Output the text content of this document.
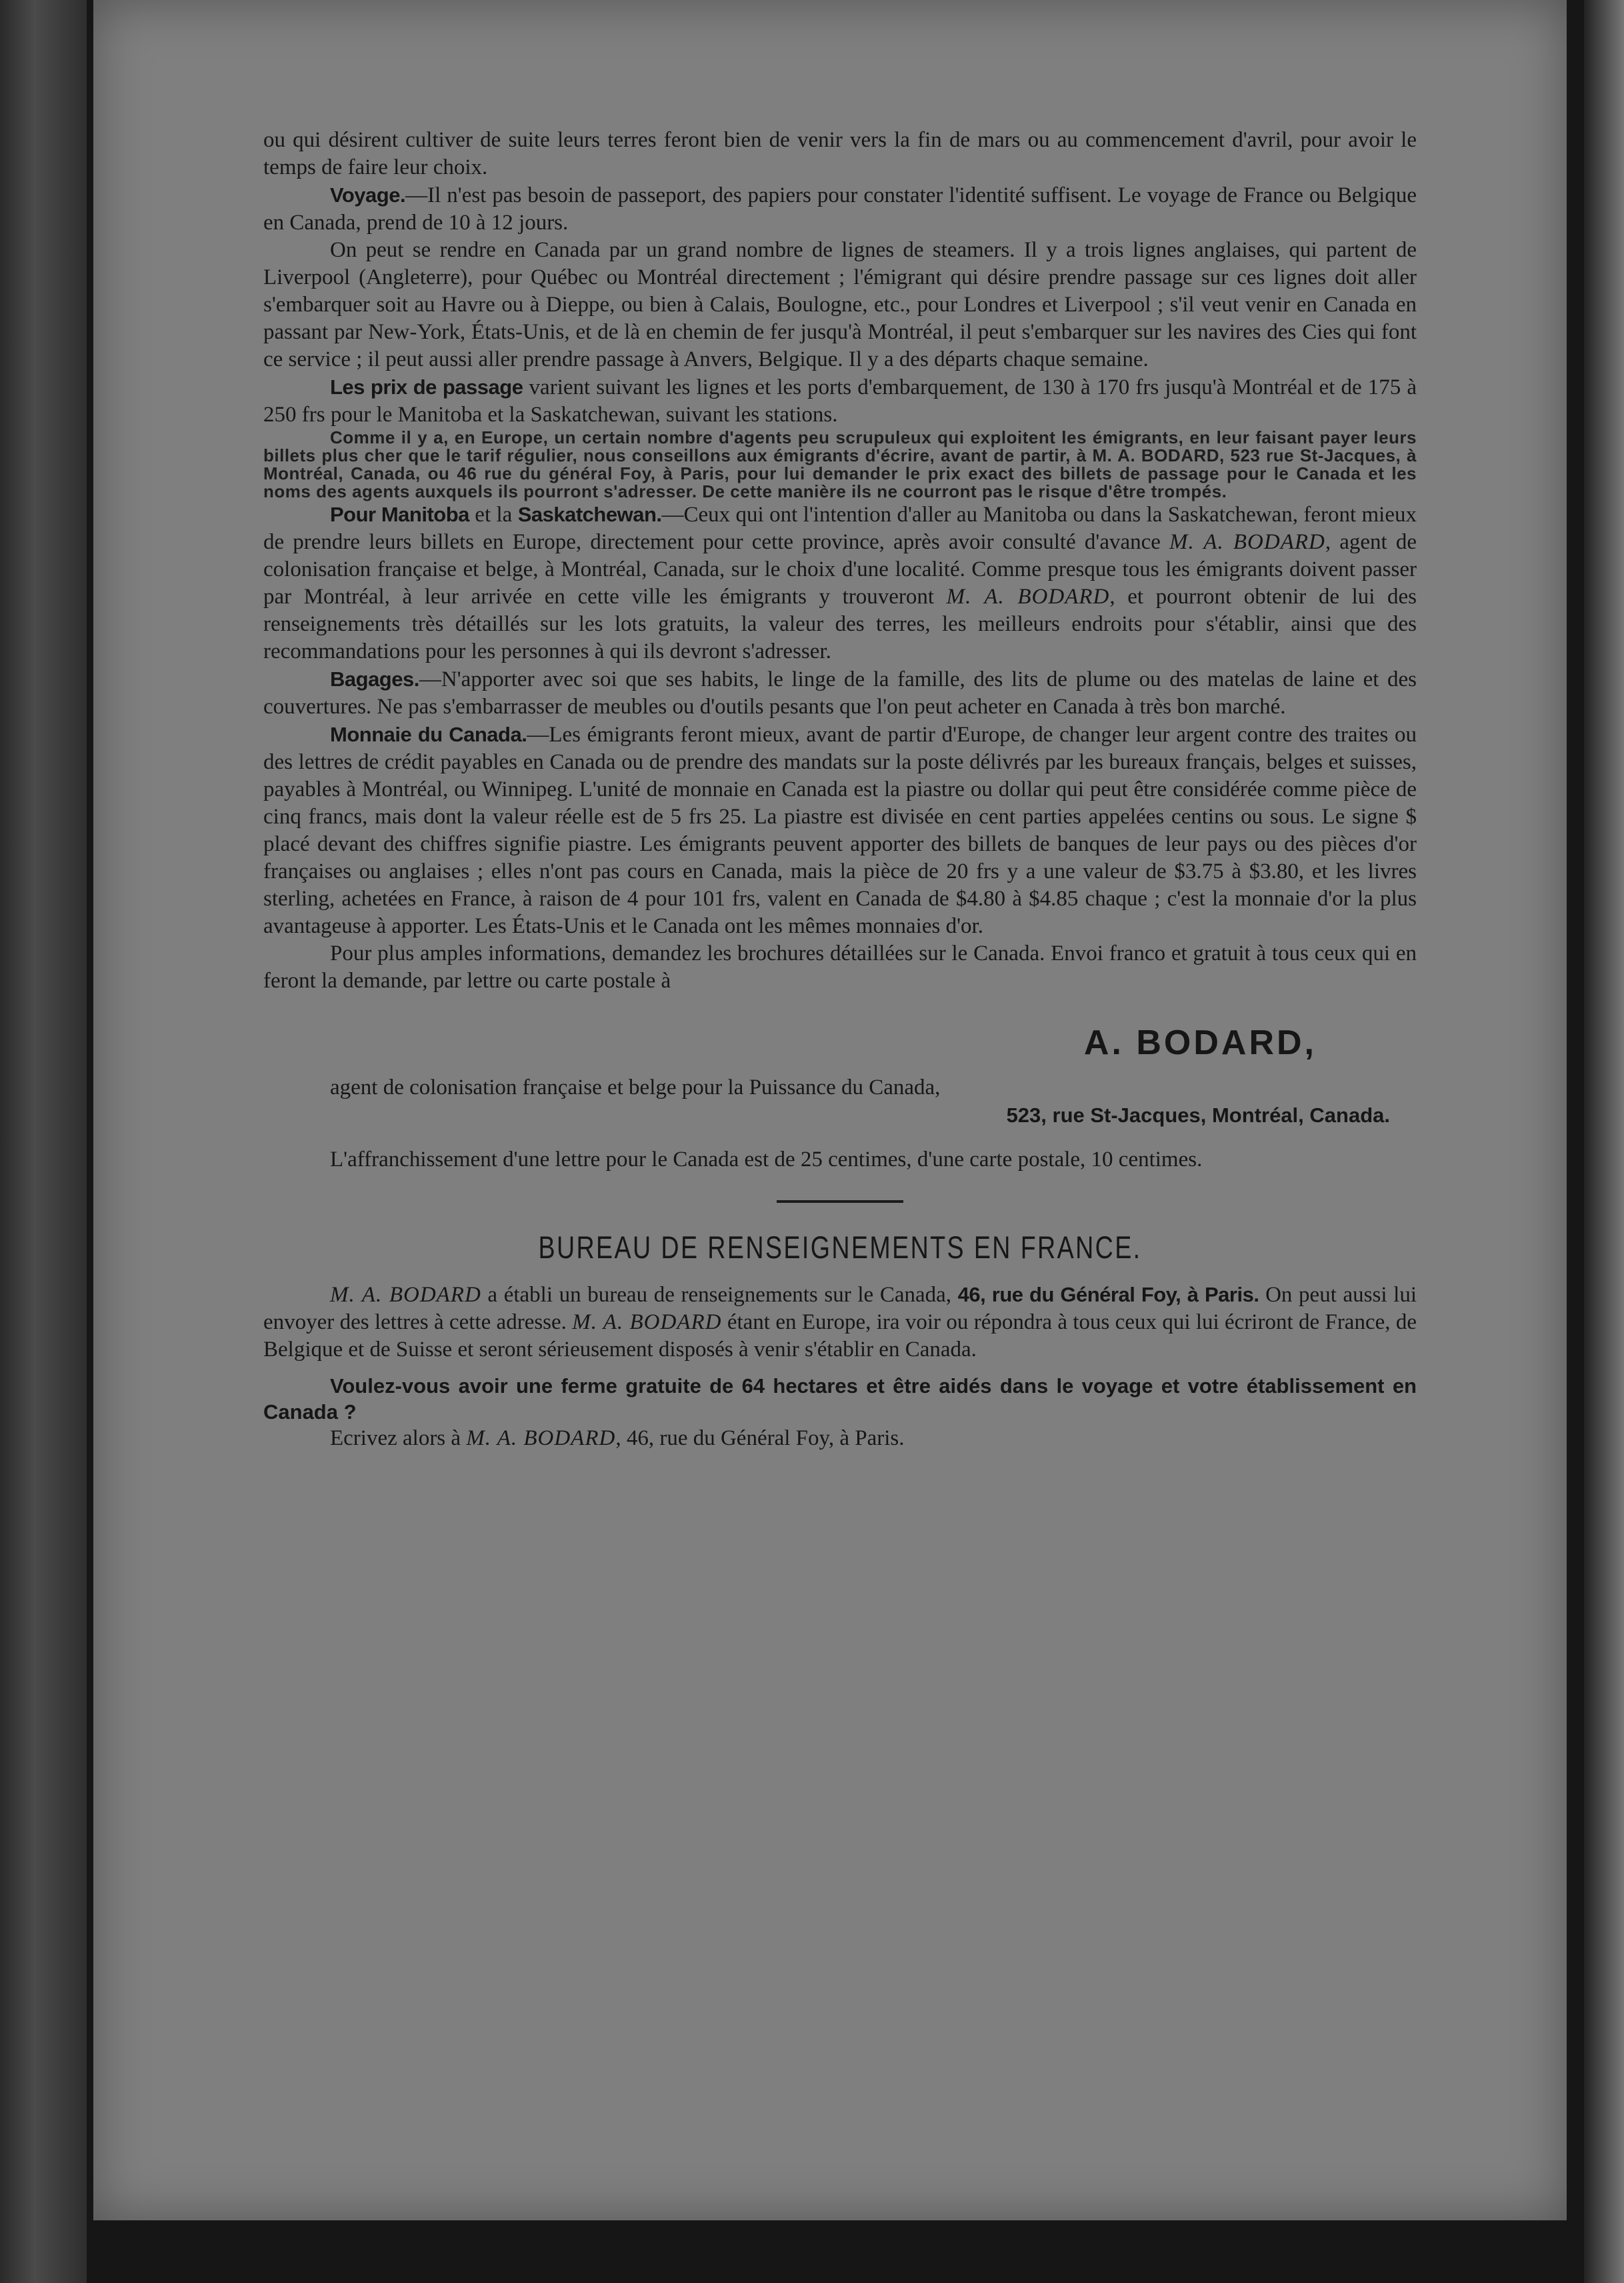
ou qui désirent cultiver de suite leurs terres feront bien de venir vers la fin de mars ou au commencement d'avril, pour avoir le temps de faire leur choix.

Voyage.—Il n'est pas besoin de passeport, des papiers pour constater l'identité suffisent. Le voyage de France ou Belgique en Canada, prend de 10 à 12 jours.

On peut se rendre en Canada par un grand nombre de lignes de steamers. Il y a trois lignes anglaises, qui partent de Liverpool (Angleterre), pour Québec ou Montréal directement ; l'émigrant qui désire prendre passage sur ces lignes doit aller s'embarquer soit au Havre ou à Dieppe, ou bien à Calais, Boulogne, etc., pour Londres et Liverpool ; s'il veut venir en Canada en passant par New-York, États-Unis, et de là en chemin de fer jusqu'à Montréal, il peut s'embarquer sur les navires des Cies qui font ce service ; il peut aussi aller prendre passage à Anvers, Belgique. Il y a des départs chaque semaine.

Les prix de passage varient suivant les lignes et les ports d'embarquement, de 130 à 170 frs jusqu'à Montréal et de 175 à 250 frs pour le Manitoba et la Saskatchewan, suivant les stations.

Comme il y a, en Europe, un certain nombre d'agents peu scrupuleux qui exploitent les émigrants, en leur faisant payer leurs billets plus cher que le tarif régulier, nous conseillons aux émigrants d'écrire, avant de partir, à M. A. BODARD, 523 rue St-Jacques, à Montréal, Canada, ou 46 rue du général Foy, à Paris, pour lui demander le prix exact des billets de passage pour le Canada et les noms des agents auxquels ils pourront s'adresser. De cette manière ils ne courront pas le risque d'être trompés.

Pour Manitoba et la Saskatchewan.—Ceux qui ont l'intention d'aller au Manitoba ou dans la Saskatchewan, feront mieux de prendre leurs billets en Europe, directement pour cette province, après avoir consulté d'avance M. A. BODARD, agent de colonisation française et belge, à Montréal, Canada, sur le choix d'une localité. Comme presque tous les émigrants doivent passer par Montréal, à leur arrivée en cette ville les émigrants y trouveront M. A. BODARD, et pourront obtenir de lui des renseignements très détaillés sur les lots gratuits, la valeur des terres, les meilleurs endroits pour s'établir, ainsi que des recommandations pour les personnes à qui ils devront s'adresser.

Bagages.—N'apporter avec soi que ses habits, le linge de la famille, des lits de plume ou des matelas de laine et des couvertures. Ne pas s'embarrasser de meubles ou d'outils pesants que l'on peut acheter en Canada à très bon marché.

Monnaie du Canada.—Les émigrants feront mieux, avant de partir d'Europe, de changer leur argent contre des traites ou des lettres de crédit payables en Canada ou de prendre des mandats sur la poste délivrés par les bureaux français, belges et suisses, payables à Montréal, ou Winnipeg. L'unité de monnaie en Canada est la piastre ou dollar qui peut être considérée comme pièce de cinq francs, mais dont la valeur réelle est de 5 frs 25. La piastre est divisée en cent parties appelées centins ou sous. Le signe $ placé devant des chiffres signifie piastre. Les émigrants peuvent apporter des billets de banques de leur pays ou des pièces d'or françaises ou anglaises ; elles n'ont pas cours en Canada, mais la pièce de 20 frs y a une valeur de $3.75 à $3.80, et les livres sterling, achetées en France, à raison de 4 pour 101 frs, valent en Canada de $4.80 à $4.85 chaque ; c'est la monnaie d'or la plus avantageuse à apporter. Les États-Unis et le Canada ont les mêmes monnaies d'or.

Pour plus amples informations, demandez les brochures détaillées sur le Canada. Envoi franco et gratuit à tous ceux qui en feront la demande, par lettre ou carte postale à

A. BODARD,

agent de colonisation française et belge pour la Puissance du Canada,

523, rue St-Jacques, Montréal, Canada.

L'affranchissement d'une lettre pour le Canada est de 25 centimes, d'une carte postale, 10 centimes.

BUREAU DE RENSEIGNEMENTS EN FRANCE.

M. A. BODARD a établi un bureau de renseignements sur le Canada, 46, rue du Général Foy, à Paris. On peut aussi lui envoyer des lettres à cette adresse. M. A. BODARD étant en Europe, ira voir ou répondra à tous ceux qui lui écriront de France, de Belgique et de Suisse et seront sérieusement disposés à venir s'établir en Canada.

Voulez-vous avoir une ferme gratuite de 64 hectares et être aidés dans le voyage et votre établissement en Canada ?

Ecrivez alors à M. A. BODARD, 46, rue du Général Foy, à Paris.
